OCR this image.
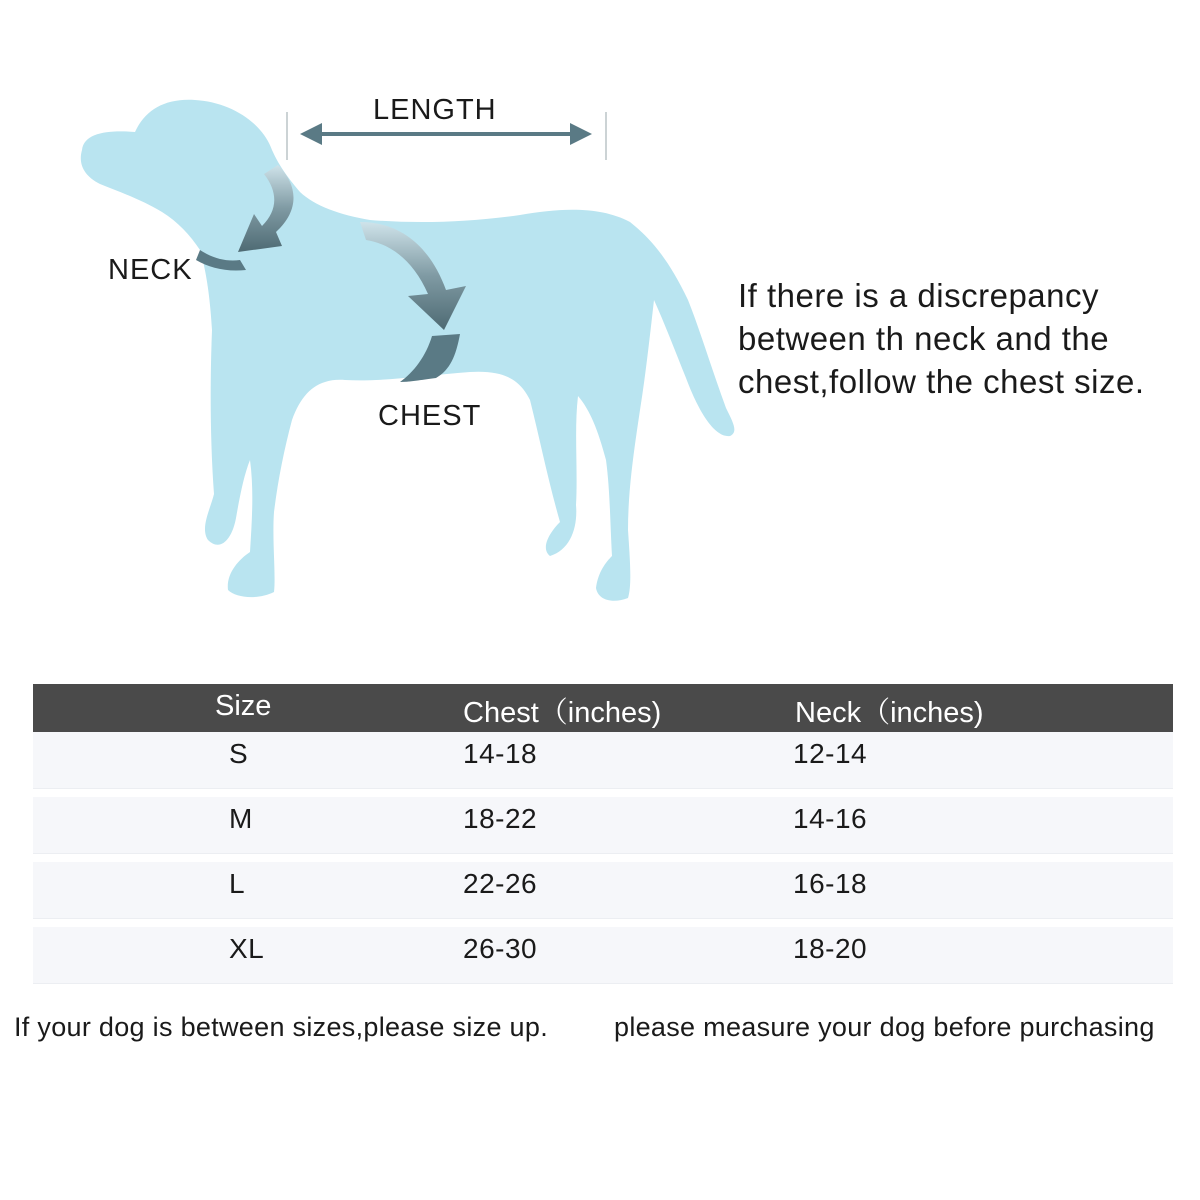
LENGTH
NECK
CHEST
If there is a discrepancy between th neck and the chest,follow the chest size.
Size	Chest（inches)	Neck（inches)
S	14-18	12-14
M	18-22	14-16
L	22-26	16-18
XL	26-30	18-20
If your dog is between sizes,please size up. please measure your dog before purchasing
